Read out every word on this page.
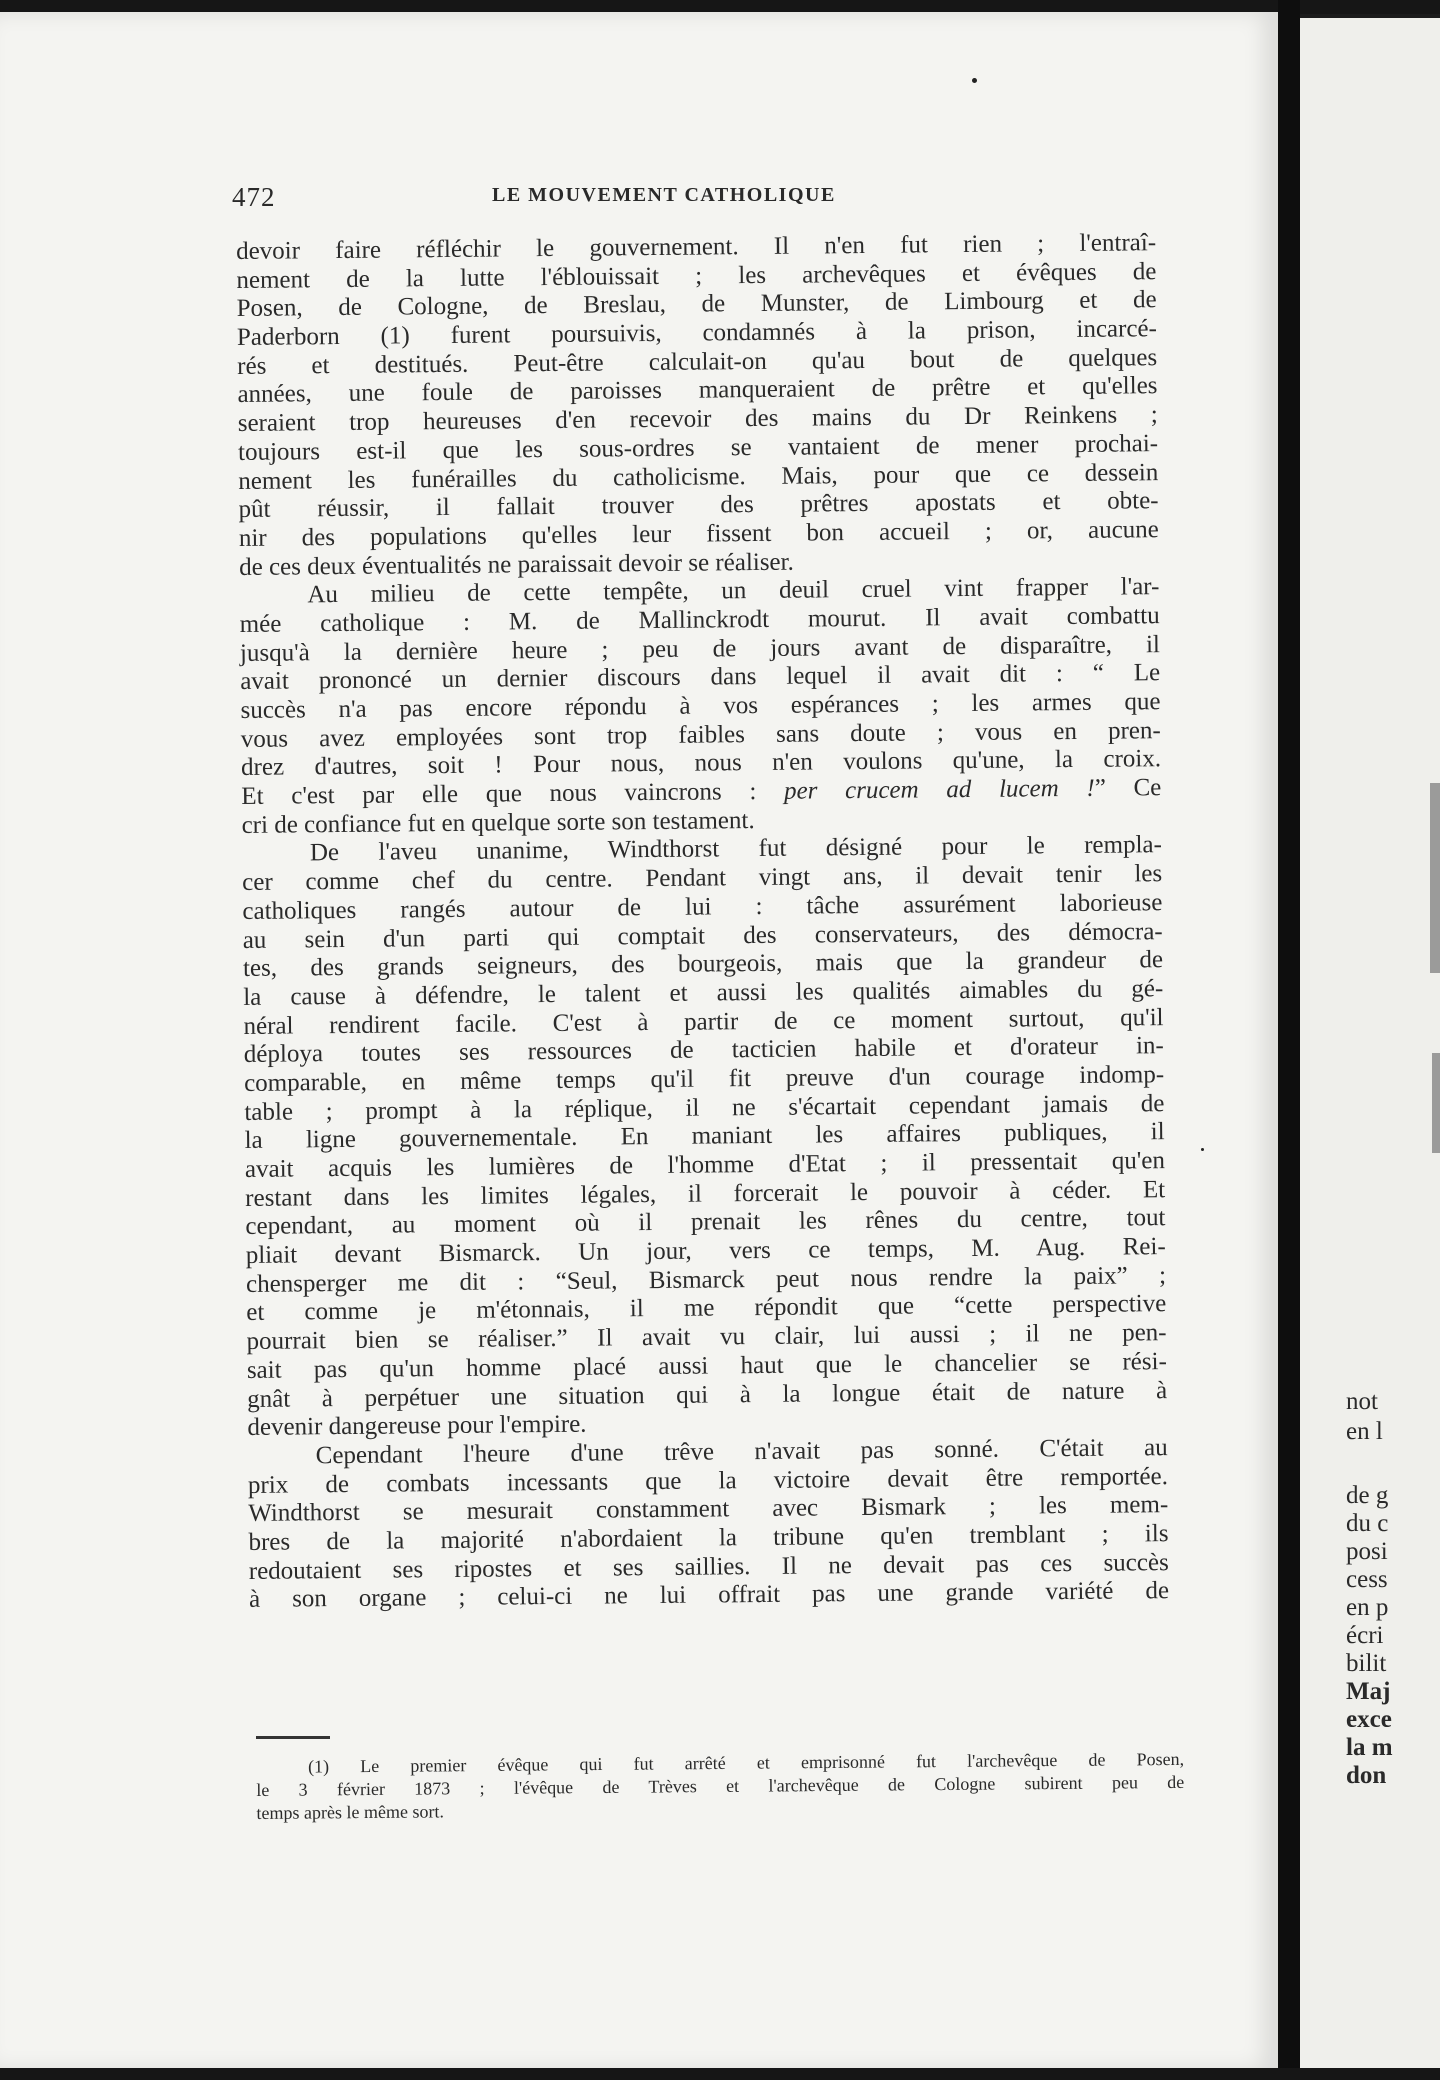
472	LE MOUVEMENT CATHOLIQUE
devoir faire réfléchir le gouvernement. Il n'en fut rien ; l'entraî-
nement de la lutte l'éblouissait ; les archevêques et évêques de
Posen, de Cologne, de Breslau, de Munster, de Limbourg et de
Paderborn (1) furent poursuivis, condamnés à la prison, incarcé-
rés et destitués. Peut-être calculait-on qu'au bout de quelques
années, une foule de paroisses manqueraient de prêtre et qu'elles
seraient trop heureuses d'en recevoir des mains du Dr Reinkens ;
toujours est-il que les sous-ordres se vantaient de mener prochai-
nement les funérailles du catholicisme. Mais, pour que ce dessein
pût réussir, il fallait trouver des prêtres apostats et obte-
nir des populations qu'elles leur fissent bon accueil ; or, aucune
de ces deux éventualités ne paraissait devoir se réaliser.
Au milieu de cette tempête, un deuil cruel vint frapper l'ar-
mée catholique : M. de Mallinckrodt mourut. Il avait combattu
jusqu'à la dernière heure ; peu de jours avant de disparaître, il
avait prononcé un dernier discours dans lequel il avait dit : “ Le
succès n'a pas encore répondu à vos espérances ; les armes que
vous avez employées sont trop faibles sans doute ; vous en pren-
drez d'autres, soit ! Pour nous, nous n'en voulons qu'une, la croix.
Et c'est par elle que nous vaincrons : per crucem ad lucem !” Ce
cri de confiance fut en quelque sorte son testament.
De l'aveu unanime, Windthorst fut désigné pour le rempla-
cer comme chef du centre. Pendant vingt ans, il devait tenir les
catholiques rangés autour de lui : tâche assurément laborieuse
au sein d'un parti qui comptait des conservateurs, des démocra-
tes, des grands seigneurs, des bourgeois, mais que la grandeur de
la cause à défendre, le talent et aussi les qualités aimables du gé-
néral rendirent facile. C'est à partir de ce moment surtout, qu'il
déploya toutes ses ressources de tacticien habile et d'orateur in-
comparable, en même temps qu'il fit preuve d'un courage indomp-
table ; prompt à la réplique, il ne s'écartait cependant jamais de
la ligne gouvernementale. En maniant les affaires publiques, il
avait acquis les lumières de l'homme d'Etat ; il pressentait qu'en
restant dans les limites légales, il forcerait le pouvoir à céder. Et
cependant, au moment où il prenait les rênes du centre, tout
pliait devant Bismarck. Un jour, vers ce temps, M. Aug. Rei-
chensperger me dit : “Seul, Bismarck peut nous rendre la paix” ;
et comme je m'étonnais, il me répondit que “cette perspective
pourrait bien se réaliser.” Il avait vu clair, lui aussi ; il ne pen-
sait pas qu'un homme placé aussi haut que le chancelier se rési-
gnât à perpétuer une situation qui à la longue était de nature à
devenir dangereuse pour l'empire.
Cependant l'heure d'une trêve n'avait pas sonné. C'était au
prix de combats incessants que la victoire devait être remportée.
Windthorst se mesurait constamment avec Bismark ; les mem-
bres de la majorité n'abordaient la tribune qu'en tremblant ; ils
redoutaient ses ripostes et ses saillies. Il ne devait pas ces succès
à son organe ; celui-ci ne lui offrait pas une grande variété de
(1) Le premier évêque qui fut arrêté et emprisonné fut l'archevêque de Posen,
le 3 février 1873 ; l'évêque de Trèves et l'archevêque de Cologne subirent peu de
temps après le même sort.
not
en l
de g
du c
posi
cess
en p
écri
bilit
Maj
exce
la m
don
